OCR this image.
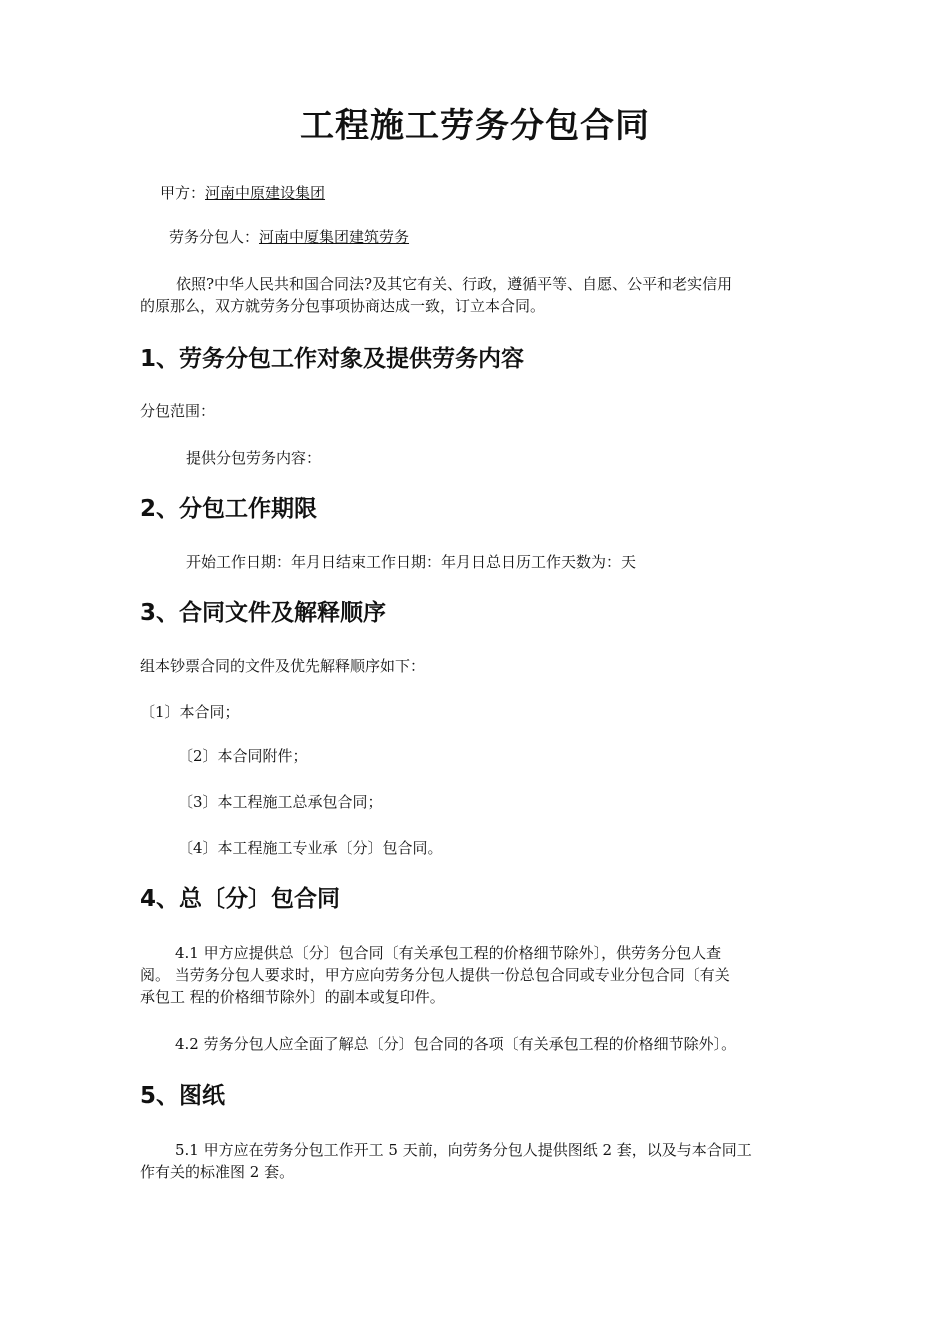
工程施工劳务分包合同
甲方：河南中原建设集团
劳务分包人：河南中厦集团建筑劳务
依照?中华人民共和国合同法?及其它有关、行政，遵循平等、自愿、公平和老实信用
的原那么，双方就劳务分包事项协商达成一致，订立本合同。
1、劳务分包工作对象及提供劳务内容
分包范围：
提供分包劳务内容：
2、分包工作期限
开始工作日期：年月日结束工作日期：年月日总日历工作天数为：天
3、合同文件及解释顺序
组本钞票合同的文件及优先解释顺序如下：
〔1〕本合同；
〔2〕本合同附件；
〔3〕本工程施工总承包合同；
〔4〕本工程施工专业承〔分〕包合同。
4、总〔分〕包合同
4.1 甲方应提供总〔分〕包合同〔有关承包工程的价格细节除外〕，供劳务分包人查
阅。 当劳务分包人要求时，甲方应向劳务分包人提供一份总包合同或专业分包合同〔有关
承包工 程的价格细节除外〕的副本或复印件。
4.2 劳务分包人应全面了解总〔分〕包合同的各项〔有关承包工程的价格细节除外〕。
5、图纸
5.1 甲方应在劳务分包工作开工 5 天前，向劳务分包人提供图纸 2 套，以及与本合同工
作有关的标准图 2 套。
